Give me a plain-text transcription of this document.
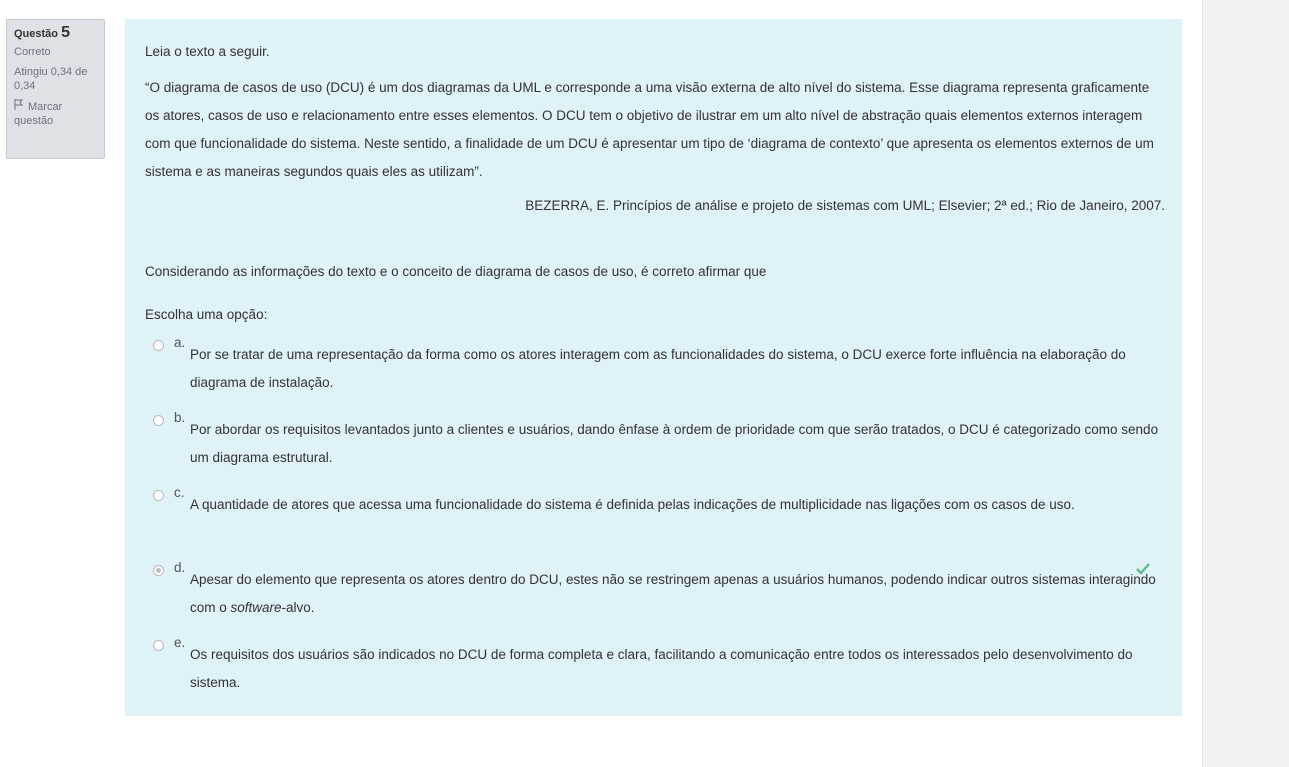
Questão 5
Correto
Atingiu 0,34 de 0,34
Marcar questão
Leia o texto a seguir.
“O diagrama de casos de uso (DCU) é um dos diagramas da UML e corresponde a uma visão externa de alto nível do sistema. Esse diagrama representa graficamente os atores, casos de uso e relacionamento entre esses elementos. O DCU tem o objetivo de ilustrar em um alto nível de abstração quais elementos externos interagem com que funcionalidade do sistema. Neste sentido, a finalidade de um DCU é apresentar um tipo de ‘diagrama de contexto’ que apresenta os elementos externos de um sistema e as maneiras segundos quais eles as utilizam”.
BEZERRA, E. Princípios de análise e projeto de sistemas com UML; Elsevier; 2ª ed.; Rio de Janeiro, 2007.
Considerando as informações do texto e o conceito de diagrama de casos de uso, é correto afirmar que
Escolha uma opção:
a.
Por se tratar de uma representação da forma como os atores interagem com as funcionalidades do sistema, o DCU exerce forte influência na elaboração do diagrama de instalação.
b.
Por abordar os requisitos levantados junto a clientes e usuários, dando ênfase à ordem de prioridade com que serão tratados, o DCU é categorizado como sendo um diagrama estrutural.
c.
A quantidade de atores que acessa uma funcionalidade do sistema é definida pelas indicações de multiplicidade nas ligações com os casos de uso.
d.
Apesar do elemento que representa os atores dentro do DCU, estes não se restringem apenas a usuários humanos, podendo indicar outros sistemas interagindo com o software-alvo.
e.
Os requisitos dos usuários são indicados no DCU de forma completa e clara, facilitando a comunicação entre todos os interessados pelo desenvolvimento do sistema.
